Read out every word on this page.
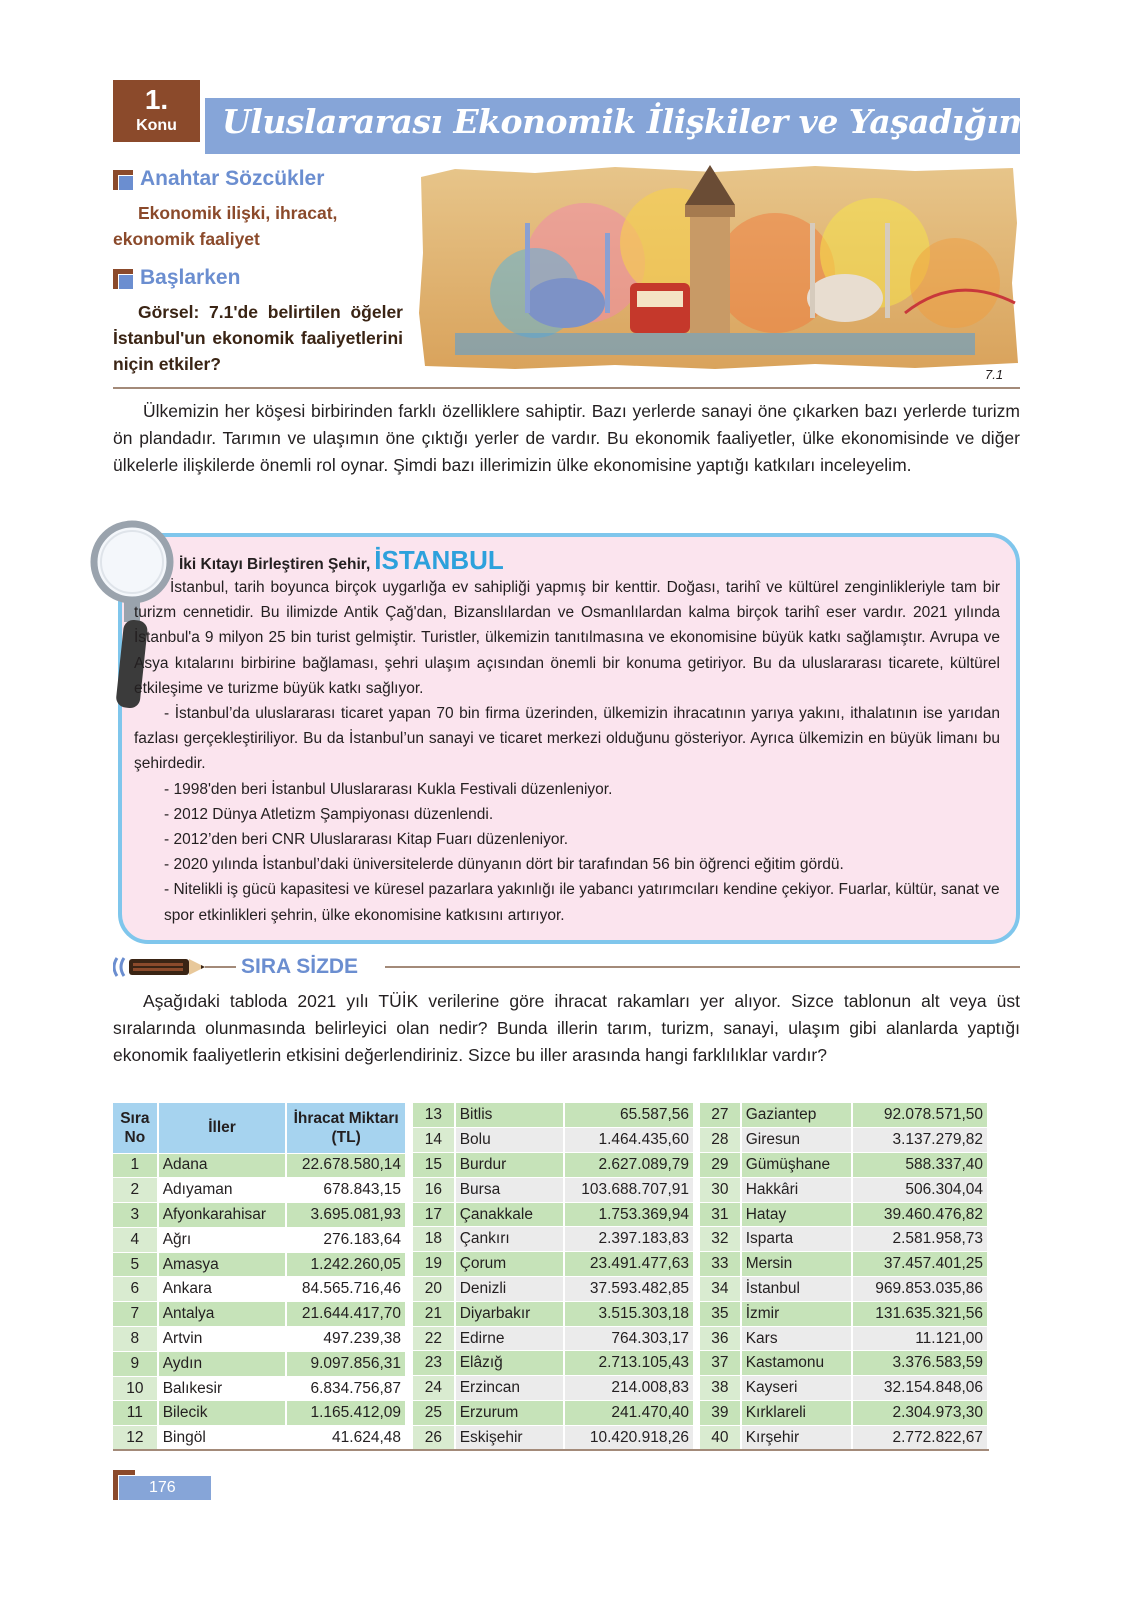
1.
Konu	Uluslararası Ekonomik İlişkiler ve Yaşadığımız İl
Anahtar Sözcükler
Ekonomik ilişki, ihracat, ekonomik faaliyet
Başlarken
Görsel: 7.1'de belirtilen öğeler İstanbul'un ekonomik faaliyetlerini niçin etkiler?
7.1
Ülkemizin her köşesi birbirinden farklı özelliklere sahiptir. Bazı yerlerde sanayi öne çıkarken bazı yerlerde turizm ön plandadır. Tarımın ve ulaşımın öne çıktığı yerler de vardır. Bu ekonomik faaliyetler, ülke ekonomisinde ve diğer ülkelerle ilişkilerde önemli rol oynar. Şimdi bazı illerimizin ülke ekonomisine yaptığı katkıları inceleyelim.
İki Kıtayı Birleştiren Şehir, İSTANBUL

İstanbul, tarih boyunca birçok uygarlığa ev sahipliği yapmış bir kenttir. Doğası, tarihî ve kültürel zenginlikleriyle tam bir turizm cennetidir. Bu ilimizde Antik Çağ'dan, Bizanslılardan ve Osmanlılardan kalma birçok tarihî eser vardır. 2021 yılında İstanbul'a 9 milyon 25 bin turist gelmiştir. Turistler, ülkemizin tanıtılmasına ve ekonomisine büyük katkı sağlamıştır. Avrupa ve Asya kıtalarını birbirine bağlaması, şehri ulaşım açısından önemli bir konuma getiriyor. Bu da uluslararası ticarete, kültürel etkileşime ve turizme büyük katkı sağlıyor.

- İstanbul’da uluslararası ticaret yapan 70 bin firma üzerinden, ülkemizin ihracatının yarıya yakını, ithalatının ise yarıdan fazlası gerçekleştiriliyor. Bu da İstanbul’un sanayi ve ticaret merkezi olduğunu gösteriyor. Ayrıca ülkemizin en büyük limanı bu şehirdedir.

- 1998'den beri İstanbul Uluslararası Kukla Festivali düzenleniyor.

- 2012 Dünya Atletizm Şampiyonası düzenlendi.

- 2012’den beri CNR Uluslararası Kitap Fuarı düzenleniyor.

- 2020 yılında İstanbul’daki üniversitelerde dünyanın dört bir tarafından 56 bin öğrenci eğitim gördü.

- Nitelikli iş gücü kapasitesi ve küresel pazarlara yakınlığı ile yabancı yatırımcıları kendine çekiyor. Fuarlar, kültür, sanat ve spor etkinlikleri şehrin, ülke ekonomisine katkısını artırıyor.

SIRA SİZDE
Aşağıdaki tabloda 2021 yılı TÜİK verilerine göre ihracat rakamları yer alıyor. Sizce tablonun alt veya üst sıralarında olunmasında belirleyici olan nedir? Bunda illerin tarım, turizm, sanayi, ulaşım gibi alanlarda yaptığı ekonomik faaliyetlerin etkisini değerlendiriniz. Sizce bu iller arasında hangi farklılıklar vardır?
Sıra No	İller	İhracat Miktarı (TL)
1	Adana	22.678.580,14
2	Adıyaman	678.843,15
3	Afyonkarahisar	3.695.081,93
4	Ağrı	276.183,64
5	Amasya	1.242.260,05
6	Ankara	84.565.716,46
7	Antalya	21.644.417,70
8	Artvin	497.239,38
9	Aydın	9.097.856,31
10	Balıkesir	6.834.756,87
11	Bilecik	1.165.412,09
12	Bingöl	41.624,48
13	Bitlis	65.587,56
14	Bolu	1.464.435,60
15	Burdur	2.627.089,79
16	Bursa	103.688.707,91
17	Çanakkale	1.753.369,94
18	Çankırı	2.397.183,83
19	Çorum	23.491.477,63
20	Denizli	37.593.482,85
21	Diyarbakır	3.515.303,18
22	Edirne	764.303,17
23	Elâzığ	2.713.105,43
24	Erzincan	214.008,83
25	Erzurum	241.470,40
26	Eskişehir	10.420.918,26
27	Gaziantep	92.078.571,50
28	Giresun	3.137.279,82
29	Gümüşhane	588.337,40
30	Hakkâri	506.304,04
31	Hatay	39.460.476,82
32	Isparta	2.581.958,73
33	Mersin	37.457.401,25
34	İstanbul	969.853.035,86
35	İzmir	131.635.321,56
36	Kars	11.121,00
37	Kastamonu	3.376.583,59
38	Kayseri	32.154.848,06
39	Kırklareli	2.304.973,30
40	Kırşehir	2.772.822,67
176
